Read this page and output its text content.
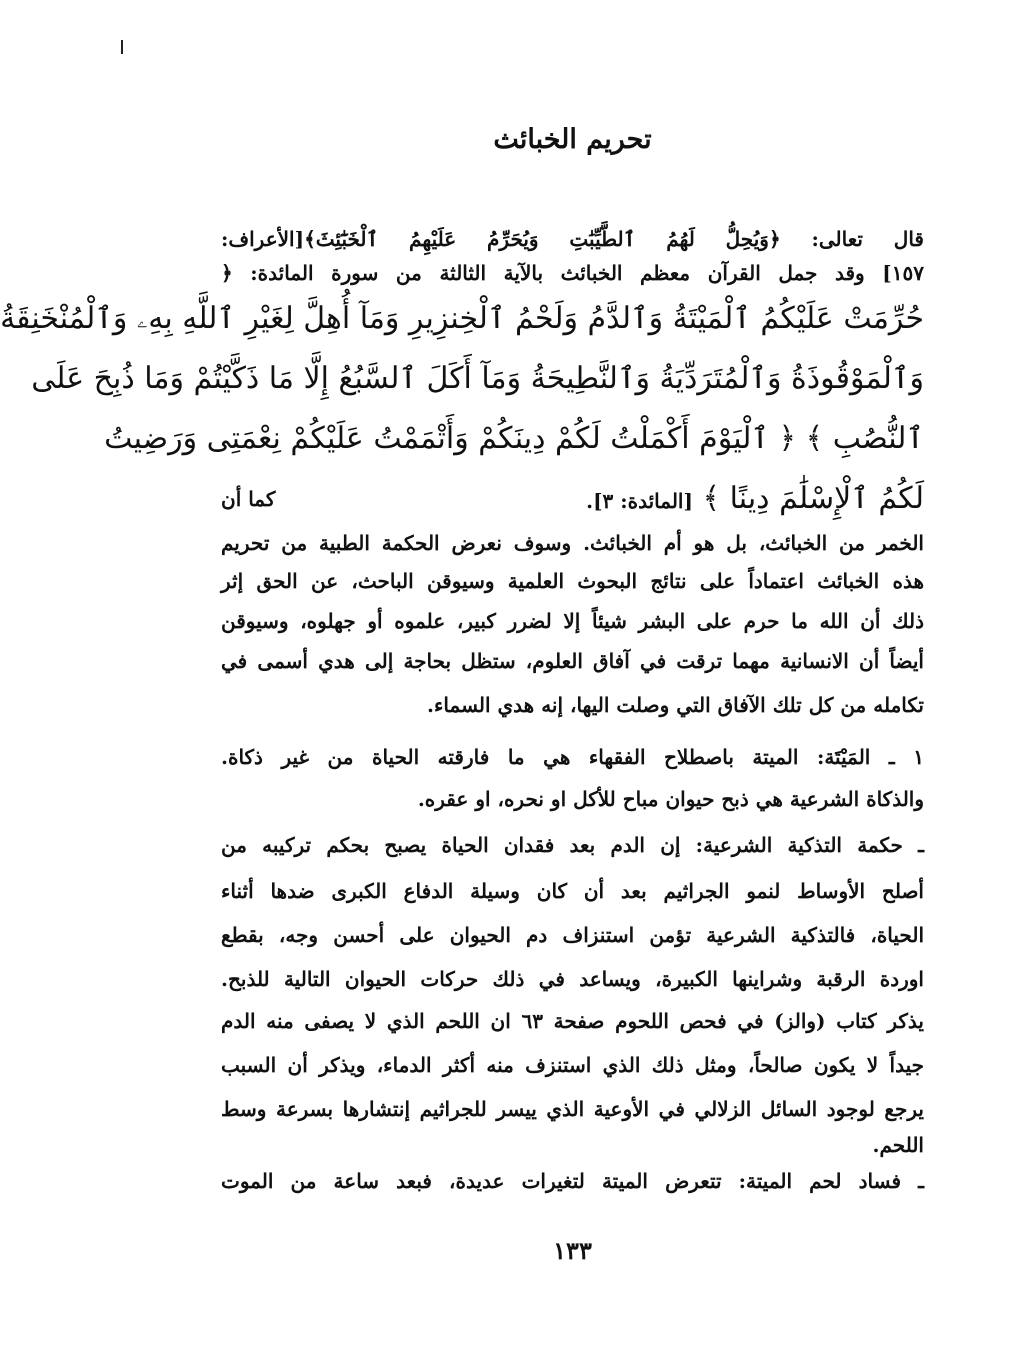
تحريم الخبائث
قال تعالى: ﴿وَيُحِلُّ لَهُمُ ٱلطَّيِّبَٰتِ وَيُحَرِّمُ عَلَيْهِمُ ٱلْخَبَٰٓئِثَ﴾[الأعراف:
١٥٧] وقد جمل القرآن معظم الخبائث بالآية الثالثة من سورة المائدة: ﴿
حُرِّمَتْ عَلَيْكُمُ ٱلْمَيْتَةُ وَٱلدَّمُ وَلَحْمُ ٱلْخِنزِيرِ وَمَآ أُهِلَّ لِغَيْرِ ٱللَّهِ بِهِۦ وَٱلْمُنْخَنِقَةُ
وَٱلْمَوْقُوذَةُ وَٱلْمُتَرَدِّيَةُ وَٱلنَّطِيحَةُ وَمَآ أَكَلَ ٱلسَّبُعُ إِلَّا مَا ذَكَّيْتُمْ وَمَا ذُبِحَ عَلَى
ٱلنُّصُبِ ﴾ ﴿ ٱلْيَوْمَ أَكْمَلْتُ لَكُمْ دِينَكُمْ وَأَتْمَمْتُ عَلَيْكُمْ نِعْمَتِى وَرَضِيتُ
لَكُمُ ٱلْإِسْلَٰمَ دِينًا ﴾ [المائدة: ٣].
كما أن
الخمر من الخبائث، بل هو أم الخبائث. وسوف نعرض الحكمة الطبية من تحريم
هذه الخبائث اعتماداً على نتائج البحوث العلمية وسيوقن الباحث، عن الحق إثر
ذلك أن الله ما حرم على البشر شيئاً إلا لضرر كبير، علموه أو جهلوه، وسيوقن
أيضاً أن الانسانية مهما ترقت في آفاق العلوم، ستظل بحاجة إلى هدي أسمى في
تكامله من كل تلك الآفاق التي وصلت اليها، إنه هدي السماء.
١ ـ المَيْتَة: الميتة باصطلاح الفقهاء هي ما فارقته الحياة من غير ذكاة.
والذكاة الشرعية هي ذبح حيوان مباح للأكل او نحره، او عقره.
ـ حكمة التذكية الشرعية: إن الدم بعد فقدان الحياة يصبح بحكم تركيبه من
أصلح الأوساط لنمو الجراثيم بعد أن كان وسيلة الدفاع الكبرى ضدها أثناء
الحياة، فالتذكية الشرعية تؤمن استنزاف دم الحيوان على أحسن وجه، بقطع
اوردة الرقبة وشراينها الكبيرة، ويساعد في ذلك حركات الحيوان التالية للذبح.
يذكر كتاب (والز) في فحص اللحوم صفحة ٦٣ ان اللحم الذي لا يصفى منه الدم
جيداً لا يكون صالحاً، ومثل ذلك الذي استنزف منه أكثر الدماء، ويذكر أن السبب
يرجع لوجود السائل الزلالي في الأوعية الذي ييسر للجراثيم إنتشارها بسرعة وسط
اللحم.
ـ فساد لحم الميتة: تتعرض الميتة لتغيرات عديدة، فبعد ساعة من الموت
١٣٣
